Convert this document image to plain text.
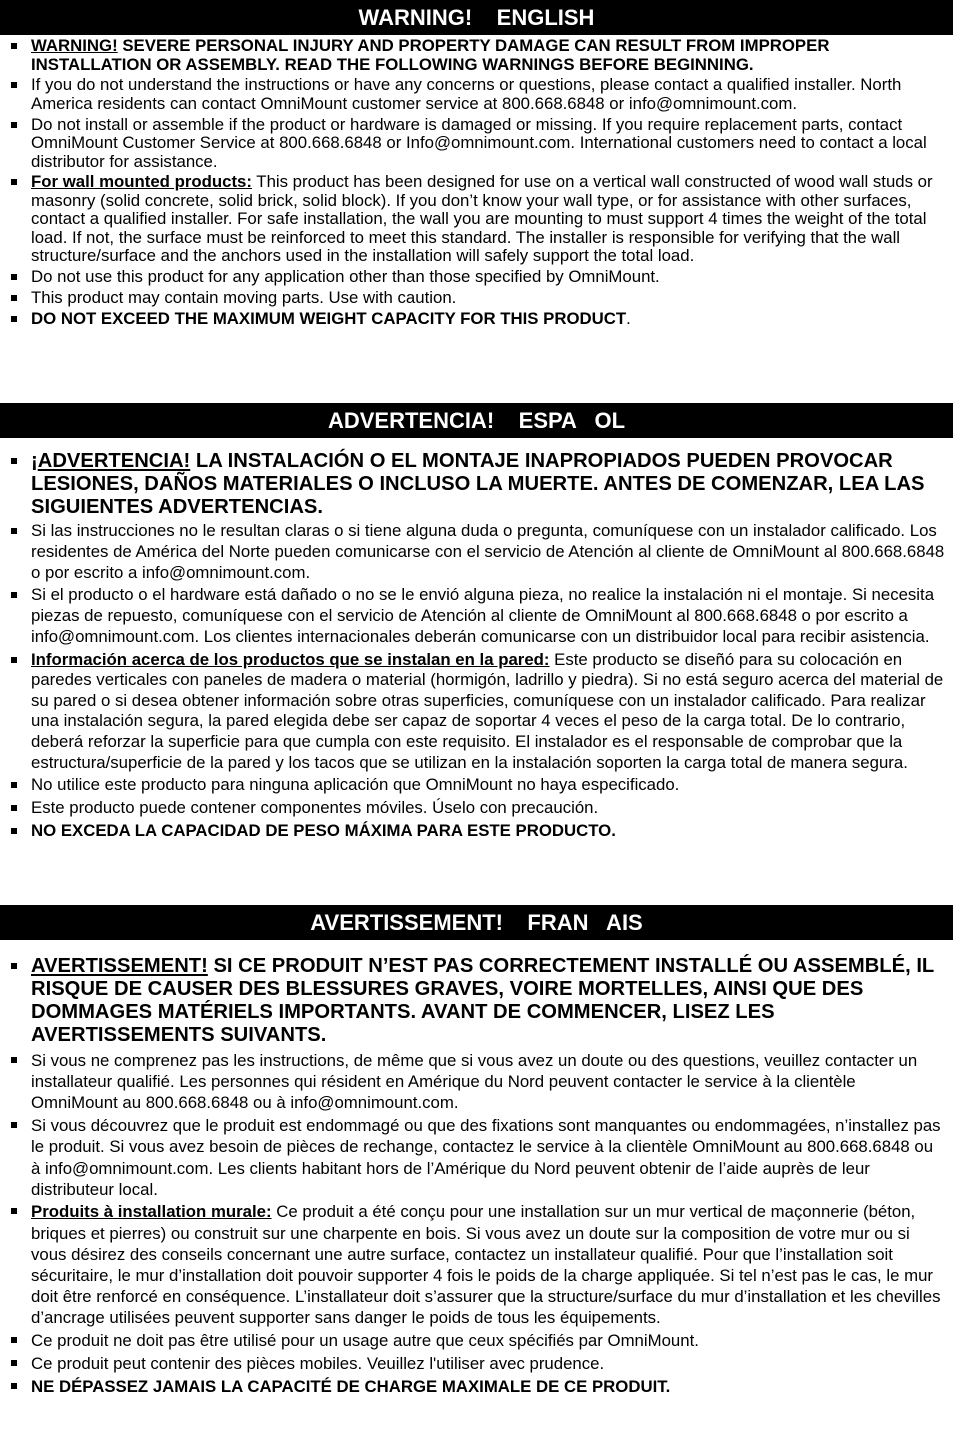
WARNING!    ENGLISH
WARNING! SEVERE PERSONAL INJURY AND PROPERTY DAMAGE CAN RESULT FROM IMPROPER INSTALLATION OR ASSEMBLY. READ THE FOLLOWING WARNINGS BEFORE BEGINNING.
If you do not understand the instructions or have any concerns or questions, please contact a qualified installer. North America residents can contact OmniMount customer service at 800.668.6848 or info@omnimount.com.
Do not install or assemble if the product or hardware is damaged or missing. If you require replacement parts, contact OmniMount Customer Service at 800.668.6848 or Info@omnimount.com. International customers need to contact a local distributor for assistance.
For wall mounted products: This product has been designed for use on a vertical wall constructed of wood wall studs or masonry (solid concrete, solid brick, solid block). If you don’t know your wall type, or for assistance with other surfaces, contact a qualified installer. For safe installation, the wall you are mounting to must support 4 times the weight of the total load. If not, the surface must be reinforced to meet this standard. The installer is responsible for verifying that the wall structure/surface and the anchors used in the installation will safely support the total load.
Do not use this product for any application other than those specified by OmniMount.
This product may contain moving parts. Use with caution.
DO NOT EXCEED THE MAXIMUM WEIGHT CAPACITY FOR THIS PRODUCT.
ADVERTENCIA!    ESPA   OL
¡ADVERTENCIA! LA INSTALACIÓN O EL MONTAJE INAPROPIADOS PUEDEN PROVOCAR LESIONES, DAÑOS MATERIALES O INCLUSO LA MUERTE. ANTES DE COMENZAR, LEA LAS SIGUIENTES ADVERTENCIAS.
Si las instrucciones no le resultan claras o si tiene alguna duda o pregunta, comuníquese con un instalador calificado. Los residentes de América del Norte pueden comunicarse con el servicio de Atención al cliente de OmniMount al 800.668.6848 o por escrito a info@omnimount.com.
Si el producto o el hardware está dañado o no se le envió alguna pieza, no realice la instalación ni el montaje. Si necesita piezas de repuesto, comuníquese con el servicio de Atención al cliente de OmniMount al 800.668.6848 o por escrito a info@omnimount.com. Los clientes internacionales deberán comunicarse con un distribuidor local para recibir asistencia.
Información acerca de los productos que se instalan en la pared: Este producto se diseñó para su colocación en paredes verticales con paneles de madera o material (hormigón, ladrillo y piedra). Si no está seguro acerca del material de su pared o si desea obtener información sobre otras superficies, comuníquese con un instalador calificado. Para realizar una instalación segura, la pared elegida debe ser capaz de soportar 4 veces el peso de la carga total. De lo contrario, deberá reforzar la superficie para que cumpla con este requisito. El instalador es el responsable de comprobar que la estructura/superficie de la pared y los tacos que se utilizan en la instalación soporten la carga total de manera segura.
No utilice este producto para ninguna aplicación que OmniMount no haya especificado.
Este producto puede contener componentes móviles. Úselo con precaución.
NO EXCEDA LA CAPACIDAD DE PESO MÁXIMA PARA ESTE PRODUCTO.
AVERTISSEMENT!    FRAN   AIS
AVERTISSEMENT! SI CE PRODUIT N’EST PAS CORRECTEMENT INSTALLÉ OU ASSEMBLÉ, IL RISQUE DE CAUSER DES BLESSURES GRAVES, VOIRE MORTELLES, AINSI QUE DES DOMMAGES MATÉRIELS IMPORTANTS. AVANT DE COMMENCER, LISEZ LES AVERTISSEMENTS SUIVANTS.
Si vous ne comprenez pas les instructions, de même que si vous avez un doute ou des questions, veuillez contacter un installateur qualifié. Les personnes qui résident en Amérique du Nord peuvent contacter le service à la clientèle OmniMount au 800.668.6848 ou à info@omnimount.com.
Si vous découvrez que le produit est endommagé ou que des fixations sont manquantes ou endommagées, n’installez pas le produit. Si vous avez besoin de pièces de rechange, contactez le service à la clientèle OmniMount au 800.668.6848 ou à info@omnimount.com. Les clients habitant hors de l’Amérique du Nord peuvent obtenir de l’aide auprès de leur distributeur local.
Produits à installation murale: Ce produit a été conçu pour une installation sur un mur vertical de maçonnerie (béton, briques et pierres) ou construit sur une charpente en bois. Si vous avez un doute sur la composition de votre mur ou si vous désirez des conseils concernant une autre surface, contactez un installateur qualifié. Pour que l’installation soit sécuritaire, le mur d’installation doit pouvoir supporter 4 fois le poids de la charge appliquée. Si tel n’est pas le cas, le mur doit être renforcé en conséquence. L’installateur doit s’assurer que la structure/surface du mur d’installation et les chevilles d’ancrage utilisées peuvent supporter sans danger le poids de tous les équipements.
Ce produit ne doit pas être utilisé pour un usage autre que ceux spécifiés par OmniMount.
Ce produit peut contenir des pièces mobiles. Veuillez l'utiliser avec prudence.
NE DÉPASSEZ JAMAIS LA CAPACITÉ DE CHARGE MAXIMALE DE CE PRODUIT.
